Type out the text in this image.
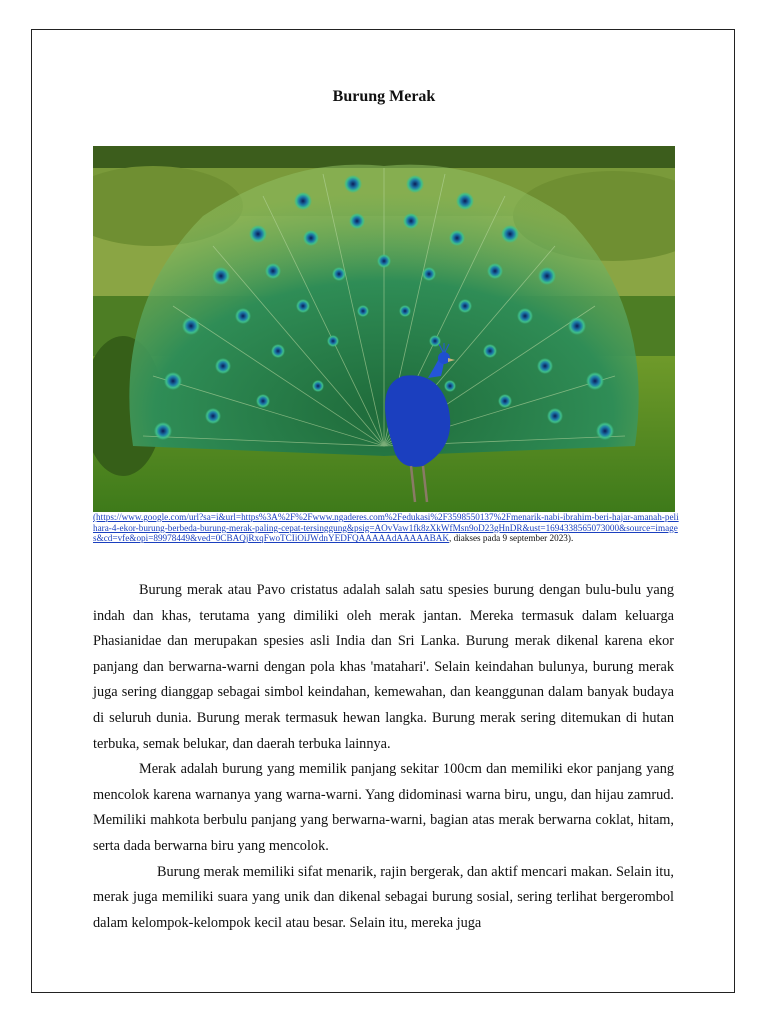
Burung Merak
(https://www.google.com/url?sa=i&url=https%3A%2F%2Fwww.ngaderes.com%2Fedukasi%2F3598550137%2Fmenarik-nabi-ibrahim-beri-hajar-amanah-pelihara-4-ekor-burung-berbeda-burung-merak-paling-cepat-tersinggung&psig=AOvVaw1fk8zXkWfMsn9oD23gHnDR&ust=1694338565073000&source=images&cd=vfe&opi=89978449&ved=0CBAQjRxqFwoTCIiOiJWdnYEDFQAAAAAdAAAAABAK, diakses pada 9 september 2023).

Burung merak atau Pavo cristatus adalah salah satu spesies burung dengan bulu-bulu yang indah dan khas, terutama yang dimiliki oleh merak jantan. Mereka termasuk dalam keluarga Phasianidae dan merupakan spesies asli India dan Sri Lanka. Burung merak dikenal karena ekor panjang dan berwarna-warni dengan pola khas 'matahari'. Selain keindahan bulunya, burung merak juga sering dianggap sebagai simbol keindahan, kemewahan, dan keanggunan dalam banyak budaya di seluruh dunia. Burung merak termasuk hewan langka. Burung merak sering ditemukan di hutan terbuka, semak belukar, dan daerah terbuka lainnya.

Merak adalah burung yang memilik panjang sekitar 100cm dan memiliki ekor panjang yang mencolok karena warnanya yang warna-warni. Yang didominasi warna biru, ungu, dan hijau zamrud. Memiliki mahkota berbulu panjang yang berwarna-warni, bagian atas merak berwarna coklat, hitam, serta dada berwarna biru yang mencolok.

Burung merak memiliki sifat menarik, rajin bergerak, dan aktif mencari makan. Selain itu, merak juga memiliki suara yang unik dan dikenal sebagai burung sosial, sering terlihat bergerombol dalam kelompok-kelompok kecil atau besar. Selain itu, mereka juga
